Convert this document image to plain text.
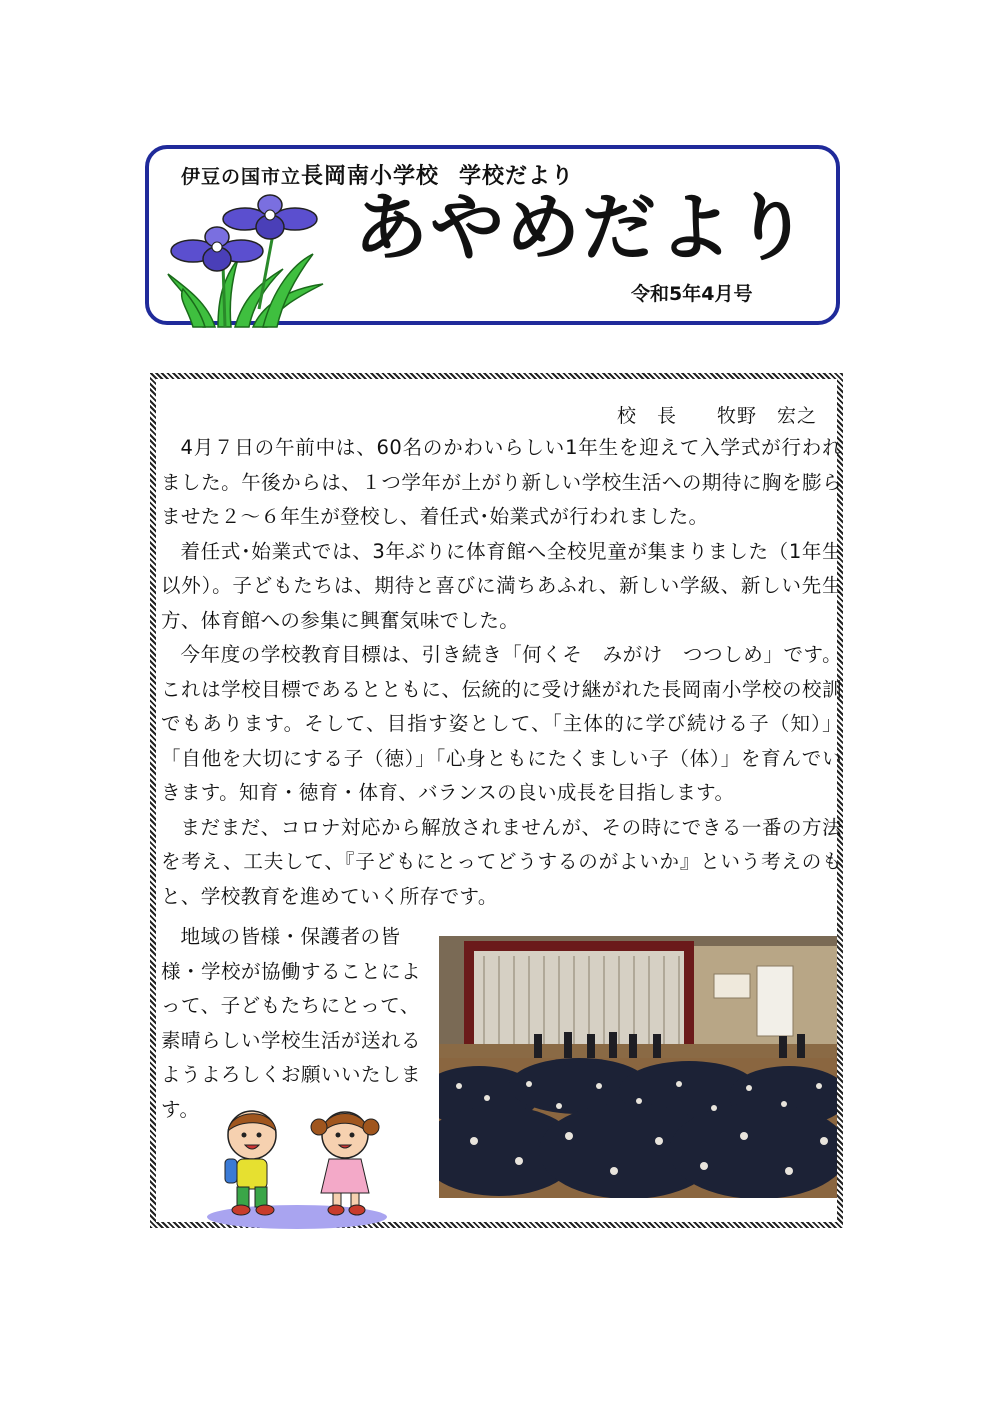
伊豆の国市立長岡南小学校　 学校だより
あやめだより
令和5年4月号
校　長　　牧野　宏之

4月７日の午前中は、60名のかわいらしい1年生を迎えて入学式が行われました。午後からは、１つ学年が上がり新しい学校生活への期待に胸を膨らませた２～６年生が登校し、着任式･始業式が行われました。

着任式･始業式では、3年ぶりに体育館へ全校児童が集まりました（1年生以外）。子どもたちは、期待と喜びに満ちあふれ、新しい学級、新しい先生方、体育館への参集に興奮気味でした。

今年度の学校教育目標は、引き続き「何くそ　みがけ　つつしめ」です。これは学校目標であるとともに、伝統的に受け継がれた長岡南小学校の校訓でもあります。そして、目指す姿として、「主体的に学び続ける子（知）」「自他を大切にする子（徳）」「心身ともにたくましい子（体）」を育んでいきます。知育・徳育・体育、バランスの良い成長を目指します。

まだまだ、コロナ対応から解放されませんが、その時にできる一番の方法を考え、工夫して、『子どもにとってどうするのがよいか』という考えのもと、学校教育を進めていく所存です。

地域の皆様・保護者の皆様・学校が協働することによって、子どもたちにとって、素晴らしい学校生活が送れるようよろしくお願いいたします。
